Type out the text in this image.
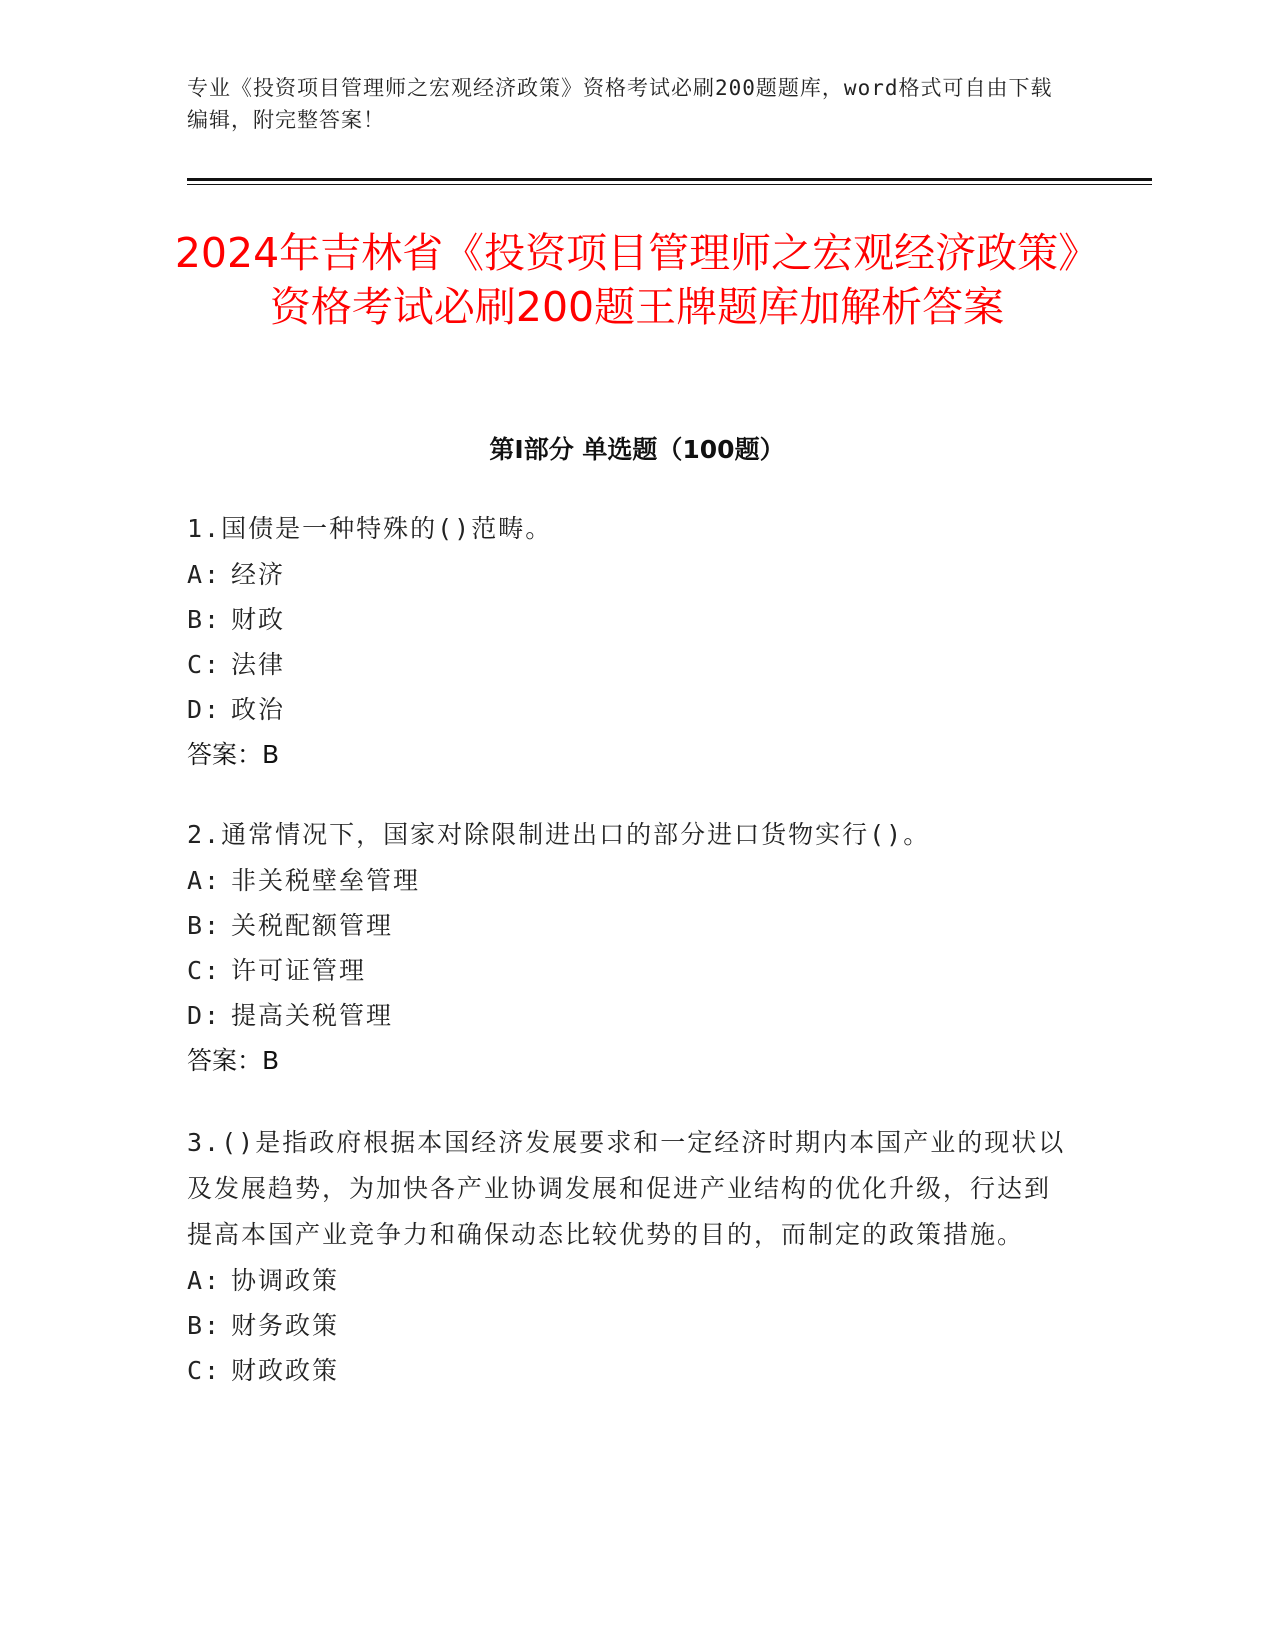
专业《投资项目管理师之宏观经济政策》资格考试必刷200题题库，word格式可自由下载编辑，附完整答案！
2024年吉林省《投资项目管理师之宏观经济政策》资格考试必刷200题王牌题库加解析答案
第I部分 单选题（100题）

1.国债是一种特殊的()范畴。

A: 经济

B: 财政

C: 法律

D: 政治

答案：B

2.通常情况下，国家对除限制进出口的部分进口货物实行()。

A: 非关税壁垒管理

B: 关税配额管理

C: 许可证管理

D: 提高关税管理

答案：B

3.()是指政府根据本国经济发展要求和一定经济时期内本国产业的现状以及发展趋势，为加快各产业协调发展和促进产业结构的优化升级，行达到提高本国产业竞争力和确保动态比较优势的目的，而制定的政策措施。

A: 协调政策

B: 财务政策

C: 财政政策
